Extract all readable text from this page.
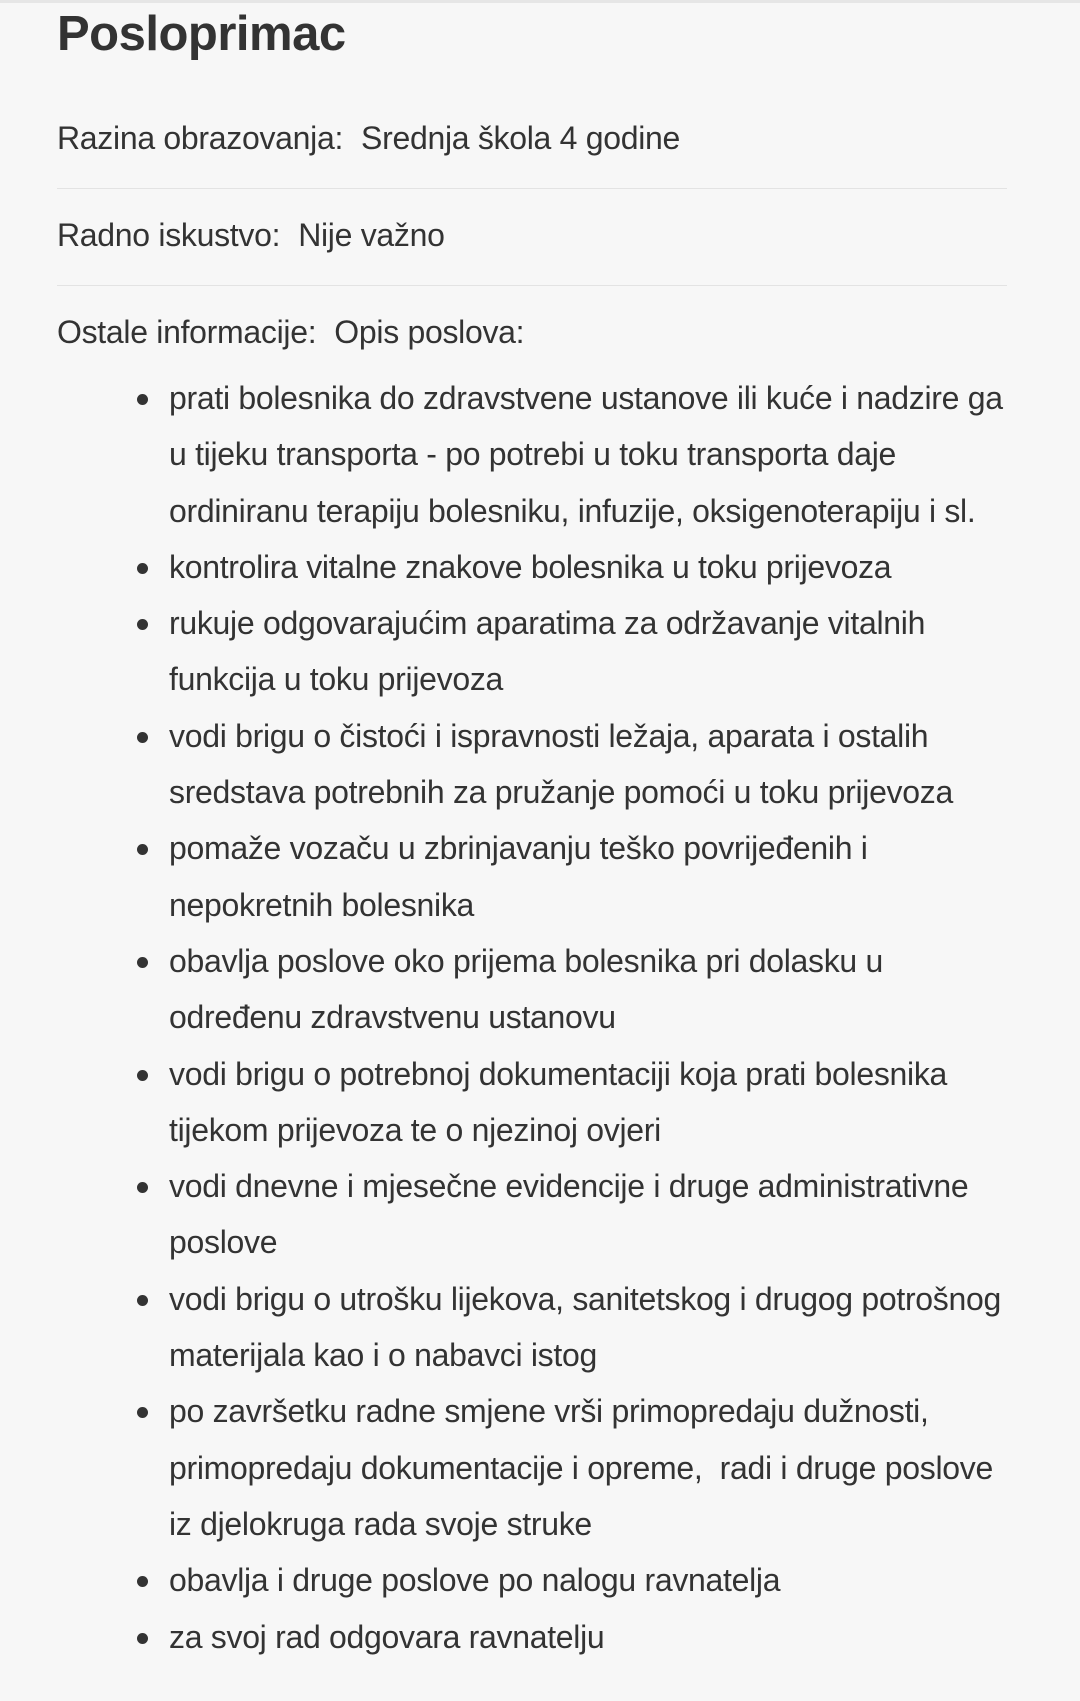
Posloprimac
Razina obrazovanja: Srednja škola 4 godine
Radno iskustvo: Nije važno
Ostale informacije: Opis poslova:
prati bolesnika do zdravstvene ustanove ili kuće i nadzire ga u tijeku transporta - po potrebi u toku transporta daje ordiniranu terapiju bolesniku, infuzije, oksigenoterapiju i sl.
kontrolira vitalne znakove bolesnika u toku prijevoza
rukuje odgovarajućim aparatima za održavanje vitalnih funkcija u toku prijevoza
vodi brigu o čistoći i ispravnosti ležaja, aparata i ostalih sredstava potrebnih za pružanje pomoći u toku prijevoza
pomaže vozaču u zbrinjavanju teško povrijeđenih i nepokretnih bolesnika
obavlja poslove oko prijema bolesnika pri dolasku u određenu zdravstvenu ustanovu
vodi brigu o potrebnoj dokumentaciji koja prati bolesnika tijekom prijevoza te o njezinoj ovjeri
vodi dnevne i mjesečne evidencije i druge administrativne poslove
vodi brigu o utrošku lijekova, sanitetskog i drugog potrošnog materijala kao i o nabavci istog
po završetku radne smjene vrši primopredaju dužnosti, primopredaju dokumentacije i opreme,  radi i druge poslove iz djelokruga rada svoje struke
obavlja i druge poslove po nalogu ravnatelja
za svoj rad odgovara ravnatelju
